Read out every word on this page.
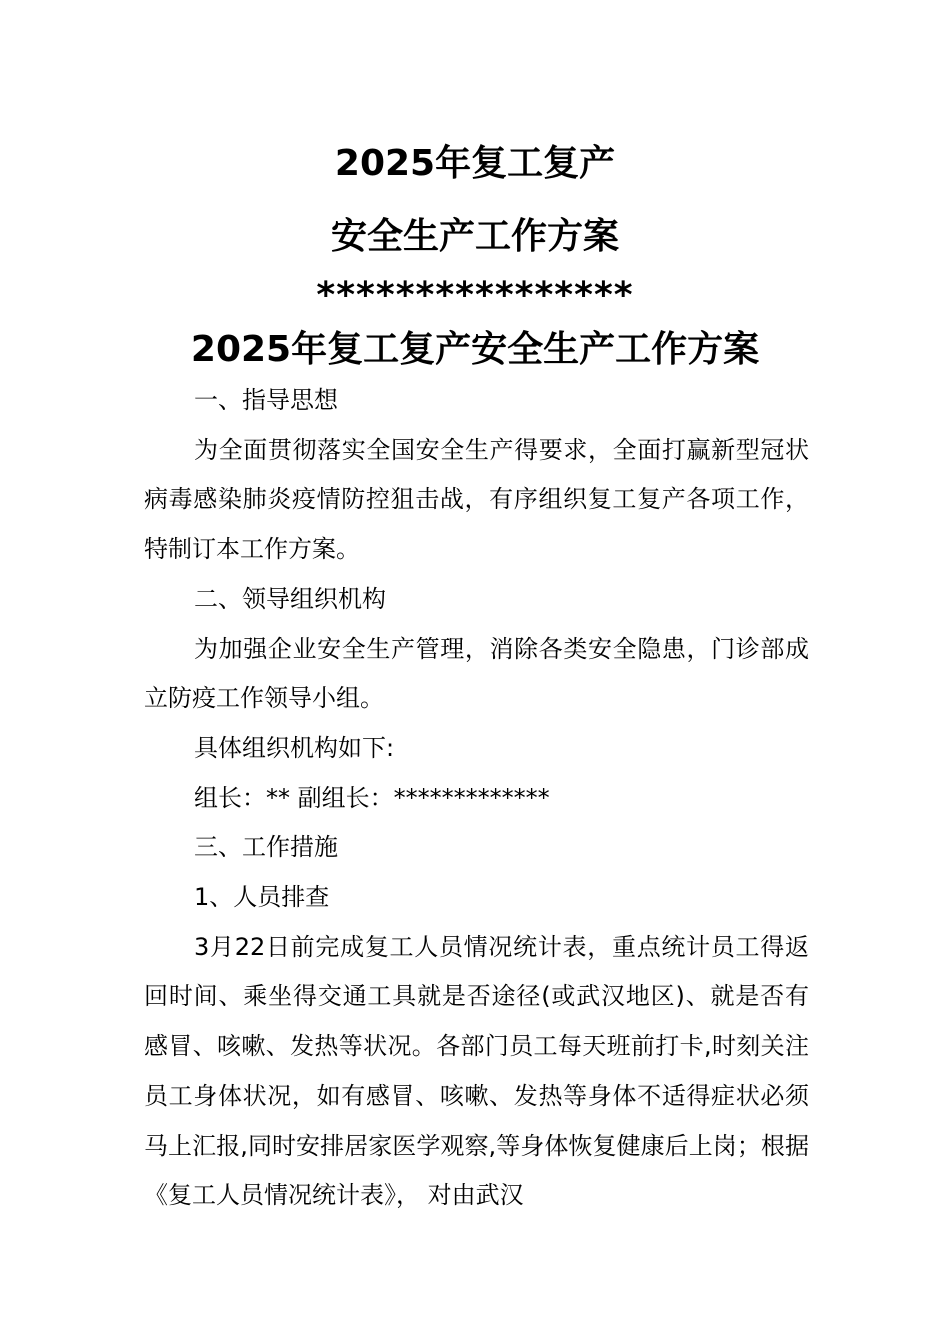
2025年复工复产
安全生产工作方案
****************
2025年复工复产安全生产工作方案

一、指导思想

为全面贯彻落实全国安全生产得要求，全面打赢新型冠状病毒感染肺炎疫情防控狙击战，有序组织复工复产各项工作，特制订本工作方案。

二、领导组织机构

为加强企业安全生产管理，消除各类安全隐患，门诊部成立防疫工作领导小组。

具体组织机构如下:

组长：** 副组长：*************

三、工作措施

1、人员排查

3月22日前完成复工人员情况统计表，重点统计员工得返回时间、乘坐得交通工具就是否途径(或武汉地区)、就是否有感冒、咳嗽、发热等状况。各部门员工每天班前打卡,时刻关注员工身体状况，如有感冒、咳嗽、发热等身体不适得症状必须马上汇报,同时安排居家医学观察,等身体恢复健康后上岗；根据《复工人员情况统计表》， 对由武汉
